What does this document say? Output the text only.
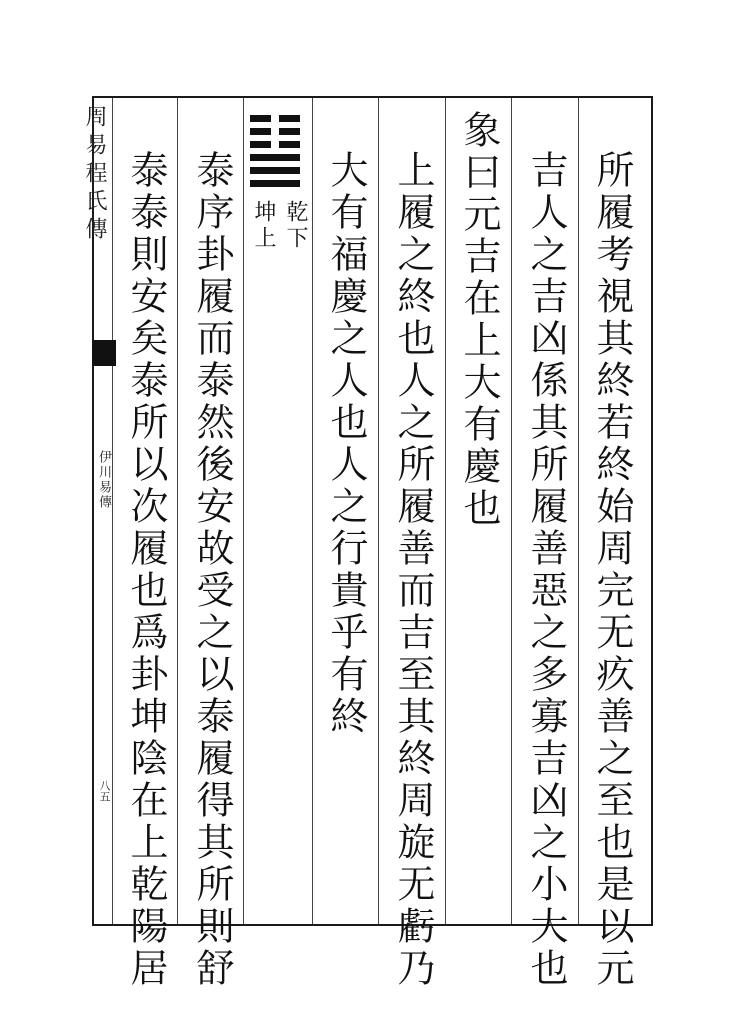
周易程氏傳
伊川易傳
八五	所履考視其終若終始周完无疚善之至也是以元
吉人之吉凶係其所履善惡之多寡吉凶之小大也
象曰元吉在上大有慶也
上履之終也人之所履善而吉至其終周旋无虧乃
大有福慶之人也人之行貴乎有終
乾下
坤上
泰序卦履而泰然後安故受之以泰履得其所則舒
泰泰則安矣泰所以次履也爲卦坤陰在上乾陽居
